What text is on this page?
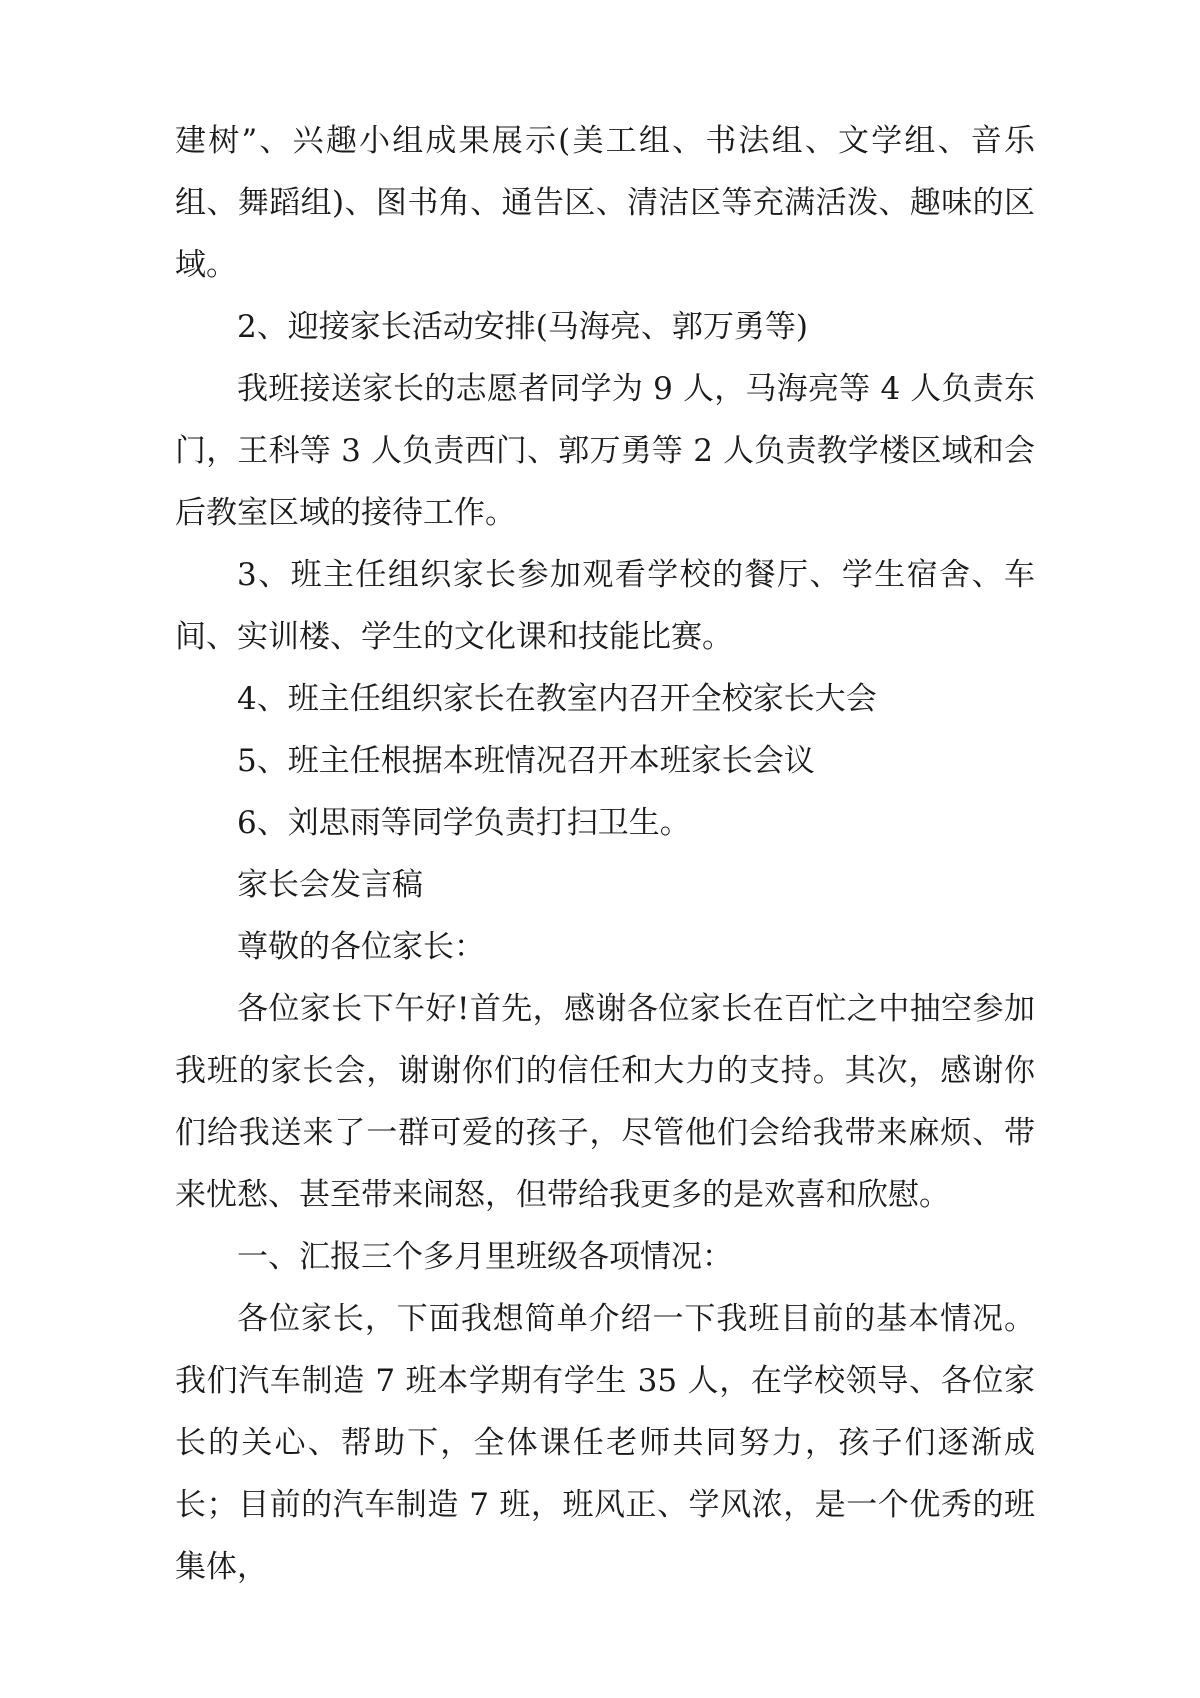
建树”、兴趣小组成果展示(美工组、书法组、文学组、音乐组、舞蹈组)、图书角、通告区、清洁区等充满活泼、趣味的区域。

2、迎接家长活动安排(马海亮、郭万勇等)

我班接送家长的志愿者同学为 9 人，马海亮等 4 人负责东门，王科等 3 人负责西门、郭万勇等 2 人负责教学楼区域和会后教室区域的接待工作。

3、班主任组织家长参加观看学校的餐厅、学生宿舍、车间、实训楼、学生的文化课和技能比赛。

4、班主任组织家长在教室内召开全校家长大会

5、班主任根据本班情况召开本班家长会议

6、刘思雨等同学负责打扫卫生。

家长会发言稿

尊敬的各位家长：

各位家长下午好!首先，感谢各位家长在百忙之中抽空参加我班的家长会，谢谢你们的信任和大力的支持。其次，感谢你们给我送来了一群可爱的孩子，尽管他们会给我带来麻烦、带来忧愁、甚至带来闹怒，但带给我更多的是欢喜和欣慰。

一、汇报三个多月里班级各项情况：

各位家长，下面我想简单介绍一下我班目前的基本情况。我们汽车制造 7 班本学期有学生 35 人，在学校领导、各位家长的关心、帮助下，全体课任老师共同努力，孩子们逐渐成长；目前的汽车制造 7 班，班风正、学风浓，是一个优秀的班集体，
